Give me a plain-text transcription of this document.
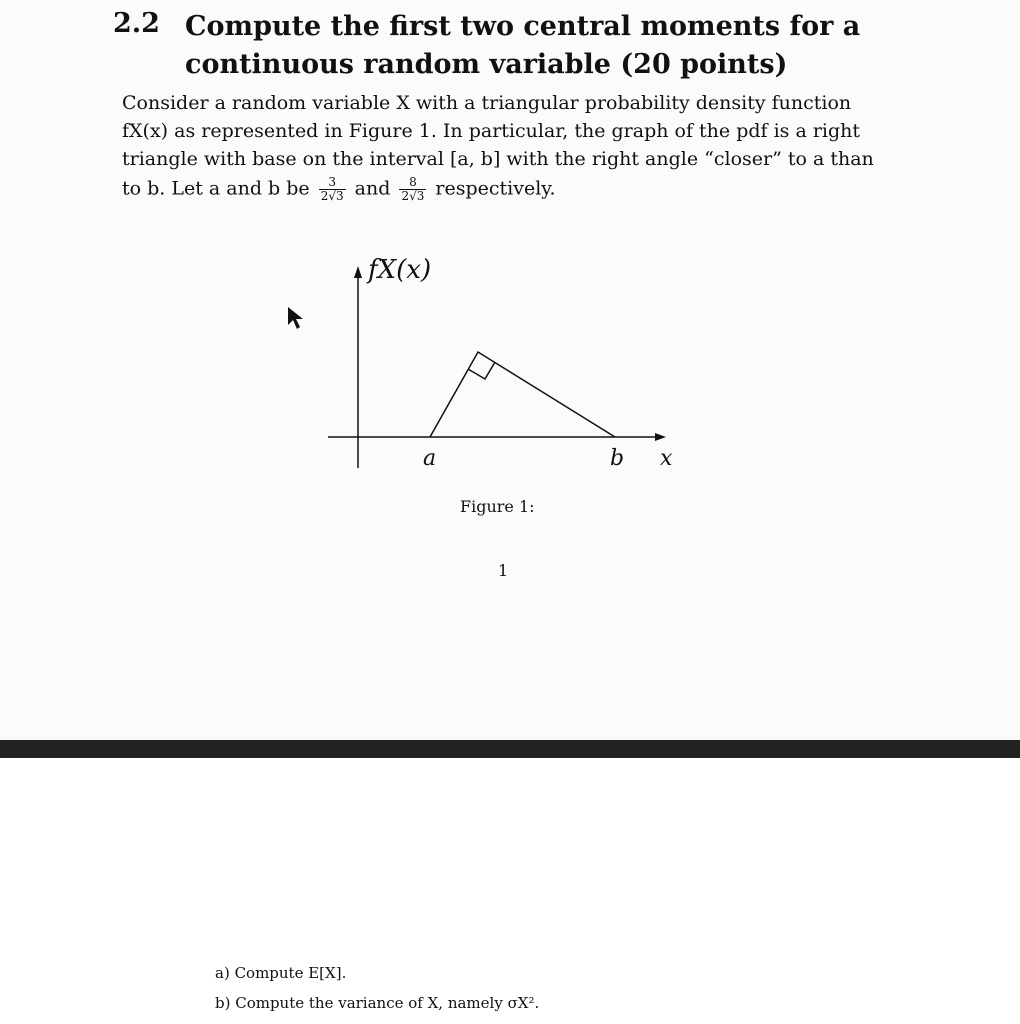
2.2 Compute the first two central moments for a continuous random variable (20 points)
Consider a random variable X with a triangular probability density function
fX(x) as represented in Figure 1. In particular, the graph of the pdf is a right
triangle with base on the interval [a, b] with the right angle “closer” to a than
to b. Let a and b be $\frac{3}{2√3}$ and $\frac{8}{2√3}$ respectively.
fX(x)
a	b x
Figure 1:
1
a) Compute E[X].
b) Compute the variance of X, namely σX².
